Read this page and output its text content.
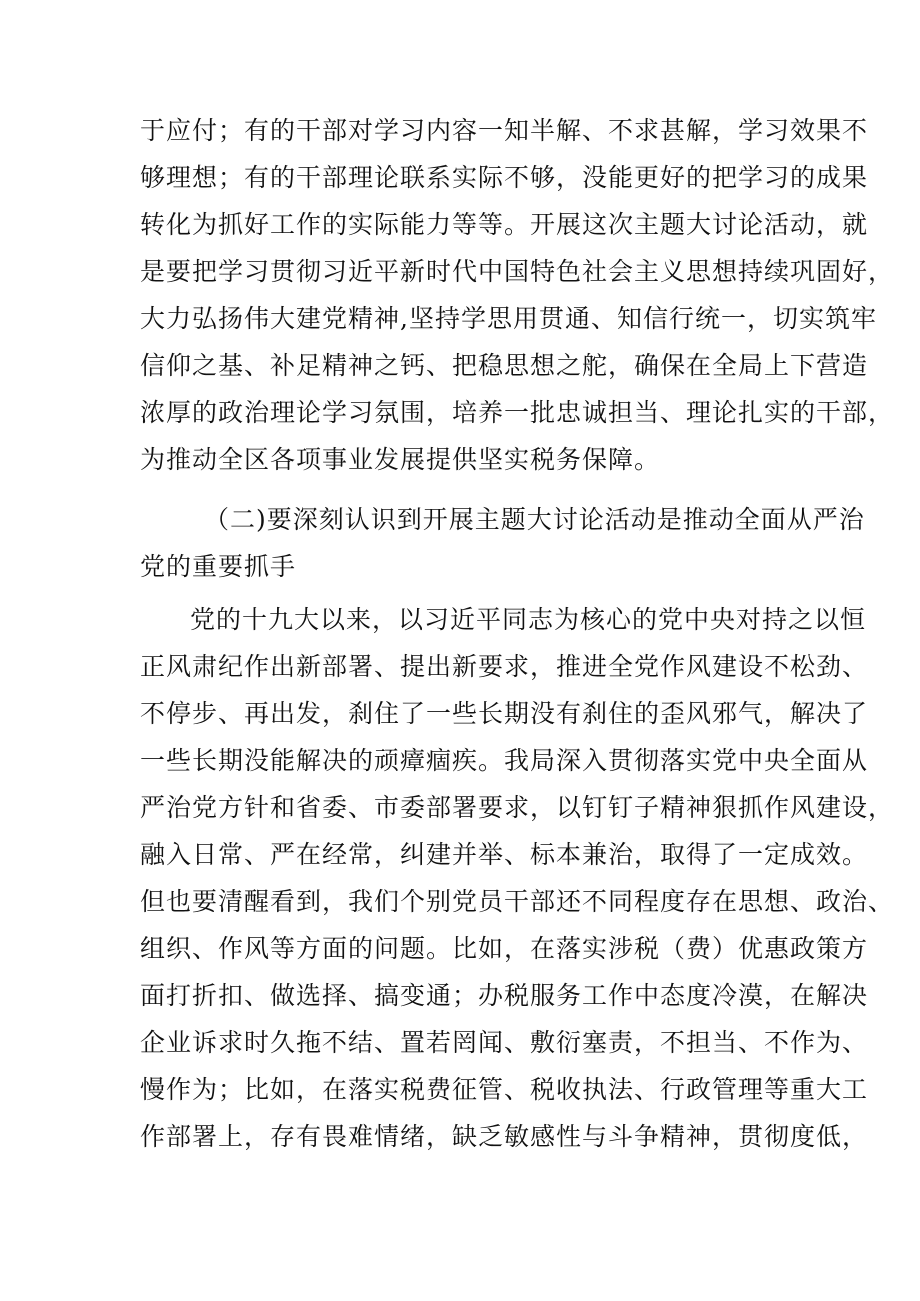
于应付；有的干部对学习内容一知半解、不求甚解，学习效果不
够理想；有的干部理论联系实际不够，没能更好的把学习的成果
转化为抓好工作的实际能力等等。开展这次主题大讨论活动，就
是要把学习贯彻习近平新时代中国特色社会主义思想持续巩固好，
大力弘扬伟大建党精神,坚持学思用贯通、知信行统一，切实筑牢
信仰之基、补足精神之钙、把稳思想之舵，确保在全局上下营造
浓厚的政治理论学习氛围，培养一批忠诚担当、理论扎实的干部，
为推动全区各项事业发展提供坚实税务保障。
（二)要深刻认识到开展主题大讨论活动是推动全面从严治
党的重要抓手
党的十九大以来，以习近平同志为核心的党中央对持之以恒
正风肃纪作出新部署、提出新要求，推进全党作风建设不松劲、
不停步、再出发，刹住了一些长期没有刹住的歪风邪气，解决了
一些长期没能解决的顽瘴痼疾。我局深入贯彻落实党中央全面从
严治党方针和省委、市委部署要求，以钉钉子精神狠抓作风建设，
融入日常、严在经常，纠建并举、标本兼治，取得了一定成效。
但也要清醒看到，我们个别党员干部还不同程度存在思想、政治、
组织、作风等方面的问题。比如，在落实涉税（费）优惠政策方
面打折扣、做选择、搞变通；办税服务工作中态度冷漠，在解决
企业诉求时久拖不结、置若罔闻、敷衍塞责，不担当、不作为、
慢作为；比如，在落实税费征管、税收执法、行政管理等重大工
作部署上，存有畏难情绪，缺乏敏感性与斗争精神，贯彻度低，
